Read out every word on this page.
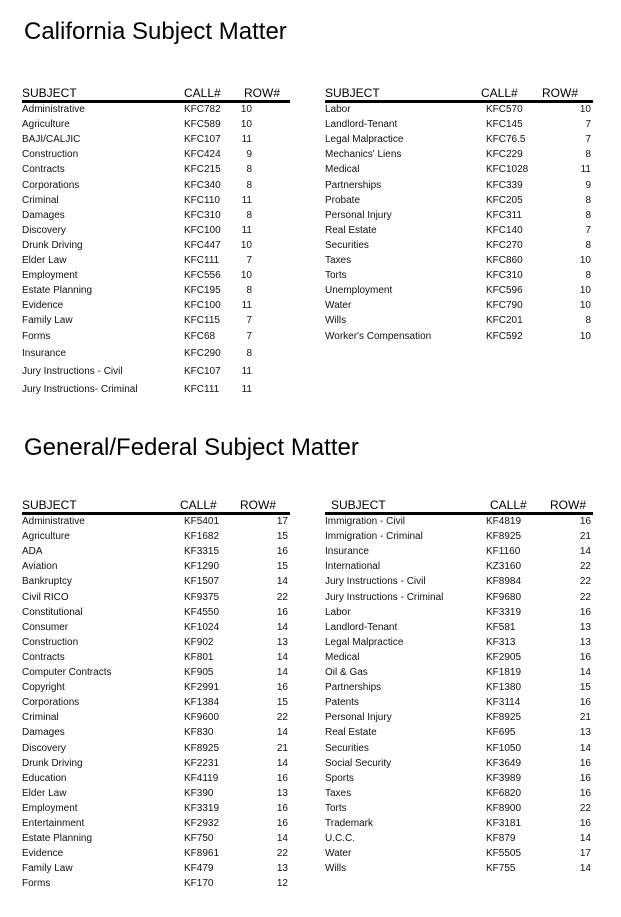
California Subject Matter
SUBJECT	CALL# ROW#
Administrative	KFC782 10
Agriculture	KFC589 10
BAJI/CALJIC	KFC107 11
Construction	KFC424	9
Contracts	KFC215	8
Corporations	KFC340	8
Criminal	KFC110 11
Damages	KFC310	8
Discovery	KFC100 11
Drunk Driving	KFC447 10
Elder Law	KFC111	7
Employment	KFC556 10
Estate Planning	KFC195	8
Evidence	KFC100 11
Family Law	KFC115	7
Forms	KFC68	7
Insurance	KFC290	8
Jury Instructions - Civil	KFC107 11
Jury Instructions- Criminal	KFC111 11
SUBJECT	CALL# ROW#
Labor	KFC570	10
Landlord-Tenant	KFC145	7
Legal Malpractice	KFC76.5	7
Mechanics' Liens	KFC229	8
Medical	KFC1028	11
Partnerships	KFC339	9
Probate	KFC205	8
Personal Injury	KFC311	8
Real Estate	KFC140	7
Securities	KFC270	8
Taxes	KFC860	10
Torts	KFC310	8
Unemployment	KFC596	10
Water	KFC790	10
Wills	KFC201	8
Worker's Compensation	KFC592	10
General/Federal Subject Matter
SUBJECT	CALL# ROW#
Administrative	KF5401	17
Agriculture	KF1682	15
ADA	KF3315	16
Aviation	KF1290	15
Bankruptcy	KF1507	14
Civil RICO	KF9375	22
Constitutional	KF4550	16
Consumer	KF1024	14
Construction	KF902	13
Contracts	KF801	14
Computer Contracts	KF905	14
Copyright	KF2991	16
Corporations	KF1384	15
Criminal	KF9600	22
Damages	KF830	14
Discovery	KF8925	21
Drunk Driving	KF2231	14
Education	KF4119	16
Elder Law	KF390	13
Employment	KF3319	16
Entertainment	KF2932	16
Estate Planning	KF750	14
Evidence	KF8961	22
Family Law	KF479	13
Forms	KF170	12
SUBJECT	CALL# ROW#
Immigration - Civil	KF4819	16
Immigration - Criminal	KF8925	21
Insurance	KF1160	14
International	KZ3160	22
Jury Instructions - Civil	KF8984	22
Jury Instructions - Criminal	KF9680	22
Labor	KF3319	16
Landlord-Tenant	KF581	13
Legal Malpractice	KF313	13
Medical	KF2905	16
Oil & Gas	KF1819	14
Partnerships	KF1380	15
Patents	KF3114	16
Personal Injury	KF8925	21
Real Estate	KF695	13
Securities	KF1050	14
Social Security	KF3649	16
Sports	KF3989	16
Taxes	KF6820	16
Torts	KF8900	22
Trademark	KF3181	16
U.C.C.	KF879	14
Water	KF5505	17
Wills	KF755	14
